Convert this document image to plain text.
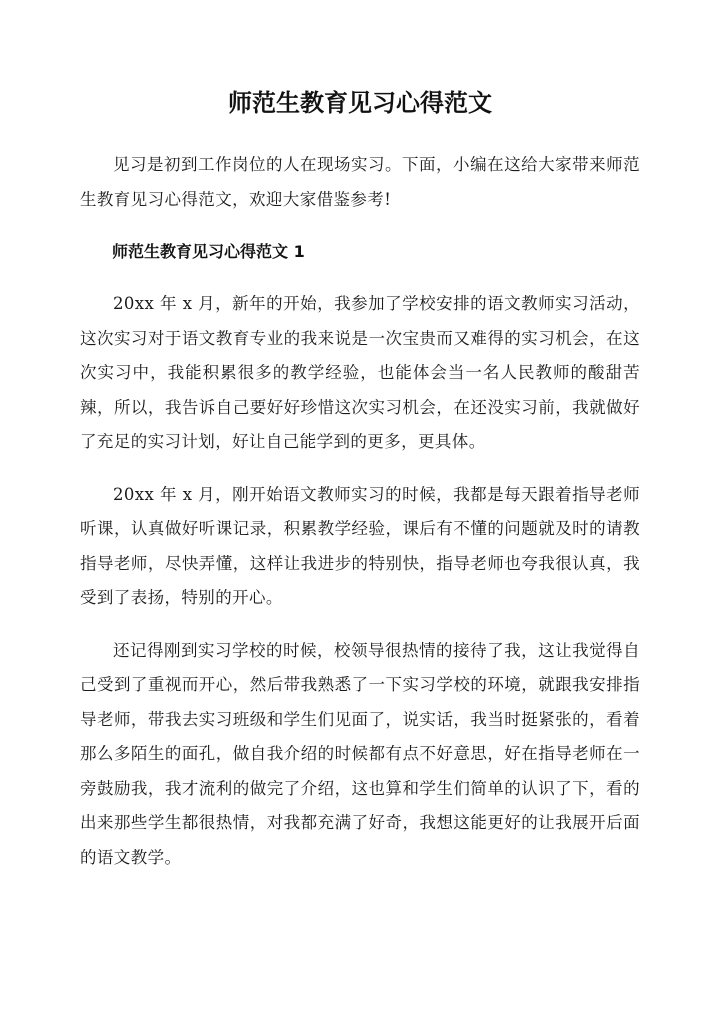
师范生教育见习心得范文

见习是初到工作岗位的人在现场实习。下面，小编在这给大家带来师范生教育见习心得范文，欢迎大家借鉴参考!

师范生教育见习心得范文 1

20xx 年 x 月，新年的开始，我参加了学校安排的语文教师实习活动，这次实习对于语文教育专业的我来说是一次宝贵而又难得的实习机会，在这次实习中，我能积累很多的教学经验，也能体会当一名人民教师的酸甜苦辣，所以，我告诉自己要好好珍惜这次实习机会，在还没实习前，我就做好了充足的实习计划，好让自己能学到的更多，更具体。

20xx 年 x 月，刚开始语文教师实习的时候，我都是每天跟着指导老师听课，认真做好听课记录，积累教学经验，课后有不懂的问题就及时的请教指导老师，尽快弄懂，这样让我进步的特别快，指导老师也夸我很认真，我受到了表扬，特别的开心。

还记得刚到实习学校的时候，校领导很热情的接待了我，这让我觉得自己受到了重视而开心，然后带我熟悉了一下实习学校的环境，就跟我安排指导老师，带我去实习班级和学生们见面了，说实话，我当时挺紧张的，看着那么多陌生的面孔，做自我介绍的时候都有点不好意思，好在指导老师在一旁鼓励我，我才流利的做完了介绍，这也算和学生们简单的认识了下，看的出来那些学生都很热情，对我都充满了好奇，我想这能更好的让我展开后面的语文教学。
